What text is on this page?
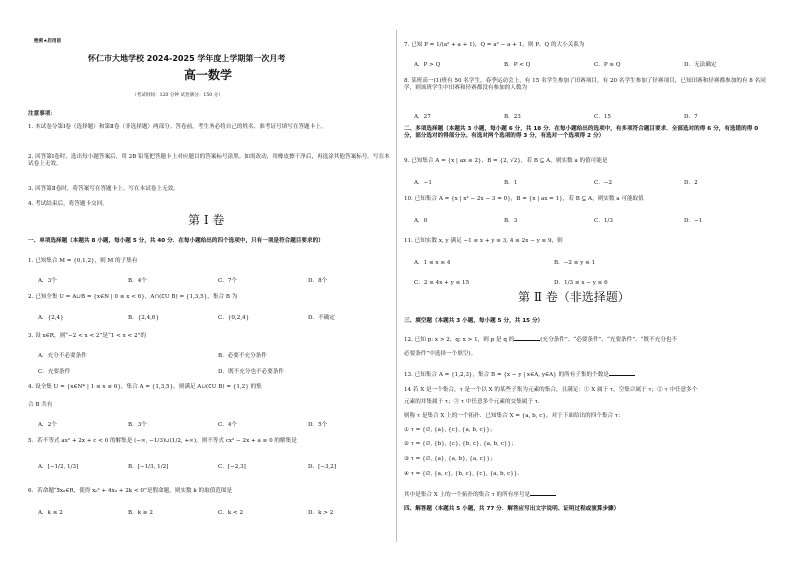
绝密★启用前
怀仁市大地学校 2024-2025 学年度上学期第一次月考
高一数学
（考试时间：120 分钟 试卷满分：150 分）
注意事项：
1. 本试卷分第Ⅰ卷（选择题）和第Ⅱ卷（非选择题）两部分。答卷前，考生务必将自己的姓名、准考证号填写在答题卡上。
2. 回答第Ⅰ卷时，选出每小题答案后，用 2B 铅笔把答题卡上对应题目的答案标号涂黑。如需改动，用橡皮擦干净后，再选涂其他答案标号。写在本试卷上无效。
3. 回答第Ⅱ卷时，将答案写在答题卡上。写在本试卷上无效。
4. 考试结束后，将答题卡交回。
第 Ⅰ 卷
一、单项选择题（本题共 8 小题，每小题 5 分，共 40 分．在每小题给出的四个选项中，只有一项是符合题目要求的）
1. 已知集合 M = {0,1,2}，则 M 的子集有
A．3个	B．4个	C．7个	D．8个
2. 已知全集 U = A∪B = {x∈N | 0 ≤ x < 6}，A∩(∁U B) = {1,3,5}，集合 B 为
A．{2,4}	B．{2,4,6}	C．{0,2,4}	D．不确定
3. 设 x∈R，则“−2 < x < 2”是“1 < x < 2”的
A．充分不必要条件	B．必要不充分条件
C．充要条件	D．既不充分也不必要条件
4. 设全集 U = {x∈N* | 1 ≤ x ≤ 6}，集合 A = {1,3,5}，则满足 A∪(∁U B) = {1,2} 的集
合 B 共有
A．2个	B．3个	C．4个	D．5个
5．若不等式 ax² + 2x + c < 0 的解集是 (−∞, −1/3)∪(1/2, +∞)，则不等式 cx² − 2x + a ≤ 0 的解集是
A．[−1/2, 1/3]	B．[−1/3, 1/2]	C．[−2,3]	D．[−3,2]
6．若命题“∃x₀∈R，使得 x₀² + 4x₀ + 2k < 0”是假命题，则实数 k 的取值范围是
A．k ≤ 2	B．k ≥ 2	C．k < 2	D．k > 2
7. 已知 P = 1/(a² + a + 1)，Q = a² − a + 1，则 P、Q 的大小关系为
A．P > Q	B．P < Q	C．P ≤ Q	D．无法确定
8. 某班高一(1)班有 50 名学生，春季运动会上，有 15 名学生参加了田赛项目，有 20 名学生参加了径赛项目，已知田赛和径赛都参加的有 8 名同学，则该班学生中田赛和径赛都没有参加的人数为
A．27	B．23	C．15	D．7
二、多项选择题（本题共 3 小题，每小题 6 分，共 18 分．在每小题给出的选项中，有多项符合题目要求．全部选对的得 6 分，有选错的得 0 分，部分选对的得部分分。有选对两个选项的得 3 分，有选对一个选项得 2 分）
9. 已知集合 A = {x | ax ≤ 2}，B = {2, √2}，若 B ⊆ A，则实数 a 的值可能是
A．−1	B．1	C．−2	D．2
10. 已知集合 A = {x | x² − 2x − 3 = 0}，B = {x | ax = 1}，若 B ⊆ A，则实数 a 可能取值
A．0	B．3	C．1/3	D．−1
11. 已知实数 x, y 满足 −1 ≤ x + y ≤ 3, 4 ≤ 2x − y ≤ 9，则
A．1 ≤ x ≤ 4	B．−2 ≤ y ≤ 1
C．2 ≤ 4x + y ≤ 15	D．1/3 ≤ x − y ≤ 6
第 Ⅱ 卷（非选择题）
三、填空题（本题共 3 小题，每小题 5 分，共 15 分）
12. 已知 p: x > 2，q: x > 1，则 p 是 q 的	(充分条件”、“必要条件”、“充要条件”、“既不充分也不
必要条件”中选择一个填空)。
13. 已知集合 A = {1,2,3}，集合 B = {x − y | x∈A, y∈A} 的所有子集的个数是
14 若 X 是一个集合，τ 是一个以 X 的某些子集为元素的集合，且满足：① X 属于 τ，空集∅属于 τ；② τ 中任意多个
元素的并集属于 τ；③ τ 中任意多个元素的交集属于 τ．
则称 τ 是集合 X 上的一个拓扑．已知集合 X = {a, b, c}，对于下面给出的四个集合 τ：
① τ = {∅, {a}, {c}, {a, b, c}}；
② τ = {∅, {b}, {c}, {b, c}, {a, b, c}}；
③ τ = {∅, {a}, {a, b}, {a, c}}；
④ τ = {∅, {a, c}, {b, c}, {c}, {a, b, c}}．
其中是集合 X 上的一个拓扑的集合 τ 的所有序号是
四、解答题（本题共 5 小题，共 77 分．解答应写出文字说明、证明过程或演算步骤）
